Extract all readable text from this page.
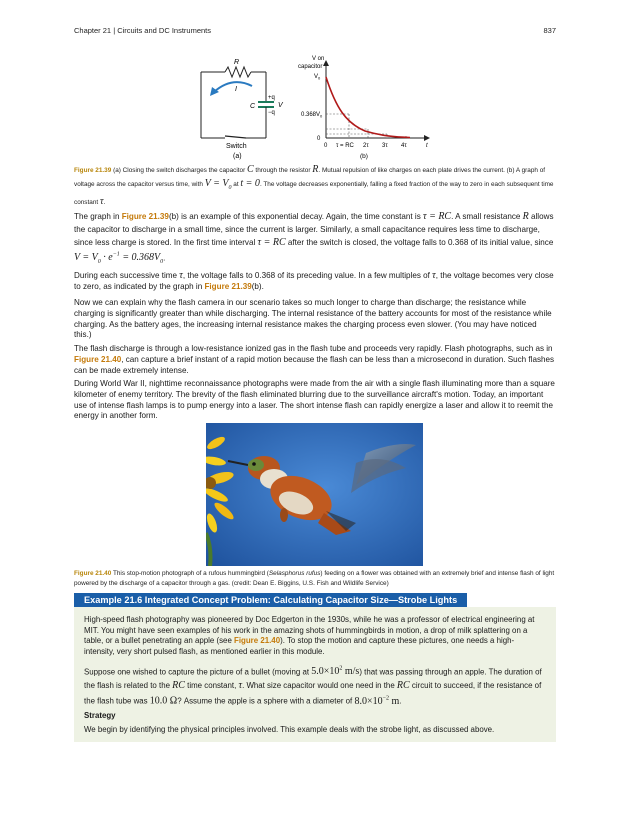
Chapter 21 | Circuits and DC Instruments	837
R
I
C
+q
−q
V
Switch
(a)
V on
capacitor
$V_0$
$0.368V_0$
0
0 τ = RC 2τ 3τ 4τ	t
(b)
Figure 21.39 (a) Closing the switch discharges the capacitor C through the resistor R. Mutual repulsion of like charges on each plate drives the current. (b) A graph of voltage across the capacitor versus time, with $V = V_0$ at t = 0. The voltage decreases exponentially, falling a fixed fraction of the way to zero in each subsequent time constant τ.
The graph in Figure 21.39(b) is an example of this exponential decay. Again, the time constant is τ = RC. A small resistance R allows the capacitor to discharge in a small time, since the current is larger. Similarly, a small capacitance requires less time to discharge, since less charge is stored. In the first time interval τ = RC after the switch is closed, the voltage falls to 0.368 of its initial value, since $V = V_0 \cdot e^{-1} = 0.368V_0$.
During each successive time τ, the voltage falls to 0.368 of its preceding value. In a few multiples of τ, the voltage becomes very close to zero, as indicated by the graph in Figure 21.39(b).
Now we can explain why the flash camera in our scenario takes so much longer to charge than discharge; the resistance while charging is significantly greater than while discharging. The internal resistance of the battery accounts for most of the resistance while charging. As the battery ages, the increasing internal resistance makes the charging process even slower. (You may have noticed this.)
The flash discharge is through a low-resistance ionized gas in the flash tube and proceeds very rapidly. Flash photographs, such as in Figure 21.40, can capture a brief instant of a rapid motion because the flash can be less than a microsecond in duration. Such flashes can be made extremely intense.
During World War II, nighttime reconnaissance photographs were made from the air with a single flash illuminating more than a square kilometer of enemy territory. The brevity of the flash eliminated blurring due to the surveillance aircraft's motion. Today, an important use of intense flash lamps is to pump energy into a laser. The short intense flash can rapidly energize a laser and allow it to reemit the energy in another form.
Figure 21.40 This stop-motion photograph of a rufous hummingbird (Selasphorus rufus) feeding on a flower was obtained with an extremely brief and intense flash of light powered by the discharge of a capacitor through a gas. (credit: Dean E. Biggins, U.S. Fish and Wildlife Service)
Example 21.6 Integrated Concept Problem: Calculating Capacitor Size—Strobe Lights
High-speed flash photography was pioneered by Doc Edgerton in the 1930s, while he was a professor of electrical engineering at MIT. You might have seen examples of his work in the amazing shots of hummingbirds in motion, a drop of milk splattering on a table, or a bullet penetrating an apple (see Figure 21.40). To stop the motion and capture these pictures, one needs a high-intensity, very short pulsed flash, as mentioned earlier in this module.
Suppose one wished to capture the picture of a bullet (moving at $5.0\times 10^2$ m/s) that was passing through an apple. The duration of the flash is related to the RC time constant, τ. What size capacitor would one need in the RC circuit to succeed, if the resistance of the flash tube was 10.0 Ω? Assume the apple is a sphere with a diameter of $8.0\times 10^{-2}$ m.
Strategy
We begin by identifying the physical principles involved. This example deals with the strobe light, as discussed above.
